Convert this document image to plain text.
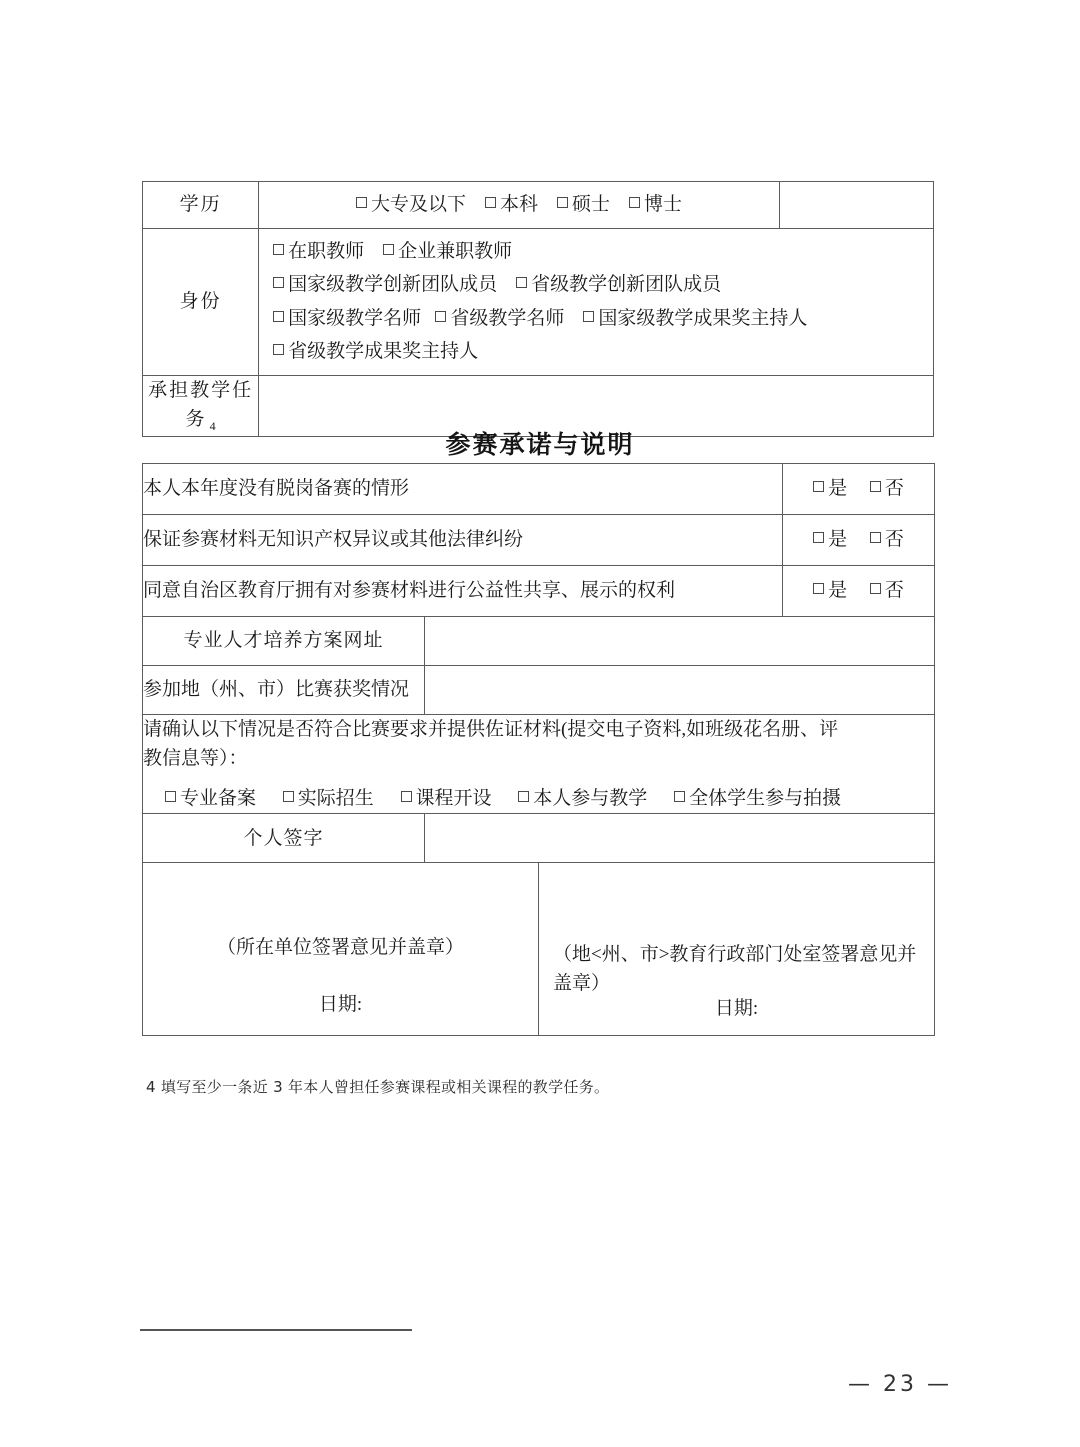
学历	大专及以下 本科 硕士 博士	
身份	在职教师 企业兼职教师
国家级教学创新团队成员 省级教学创新团队成员
国家级教学名师 省级教学名师 国家级教学成果奖主持人
省级教学成果奖主持人	

承担教学任务 $_4$	
参赛承诺与说明
本人本年度没有脱岗备赛的情形			是 否
保证参赛材料无知识产权异议或其他法律纠纷			是 否
同意自治区教育厅拥有对参赛材料进行公益性共享、展示的权利			是 否
专业人才培养方案网址			
参加地（州、市）比赛获奖情况			

请确认以下情况是否符合比赛要求并提供佐证材料(提交电子资料,如班级花名册、评
教信息等）：
专业备案 实际招生 课程开设 本人参与教学 全体学生参与拍摄			

个人签字			

（所在单位签署意见并盖章）
日期:

（地<州、市>教育行政部门处室签署意见并盖章）
日期:
4 填写至少一条近 3 年本人曾担任参赛课程或相关课程的教学任务。
— 23 —
